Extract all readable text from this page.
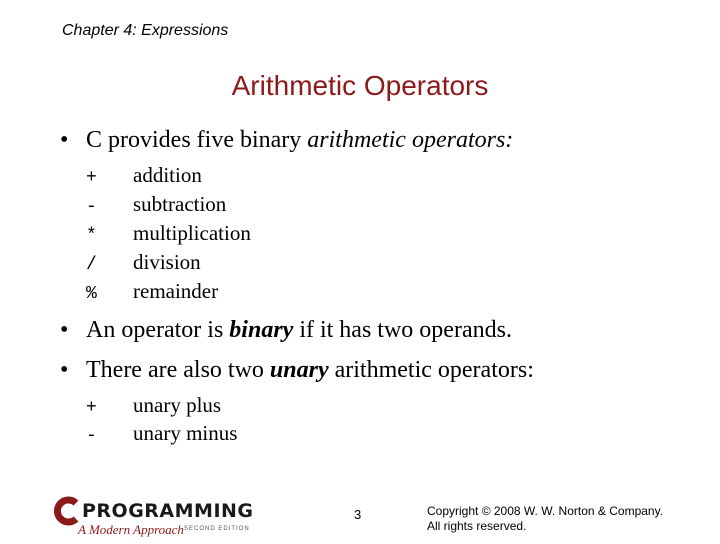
Chapter 4: Expressions
Arithmetic Operators
• C provides five binary arithmetic operators:
+ addition
- subtraction
* multiplication
/ division
% remainder
• An operator is binary if it has two operands.
• There are also two unary arithmetic operators:
+ unary plus
- unary minus
PROGRAMMING
A Modern Approach SECOND EDITION
3	Copyright © 2008 W. W. Norton & Company.
All rights reserved.
